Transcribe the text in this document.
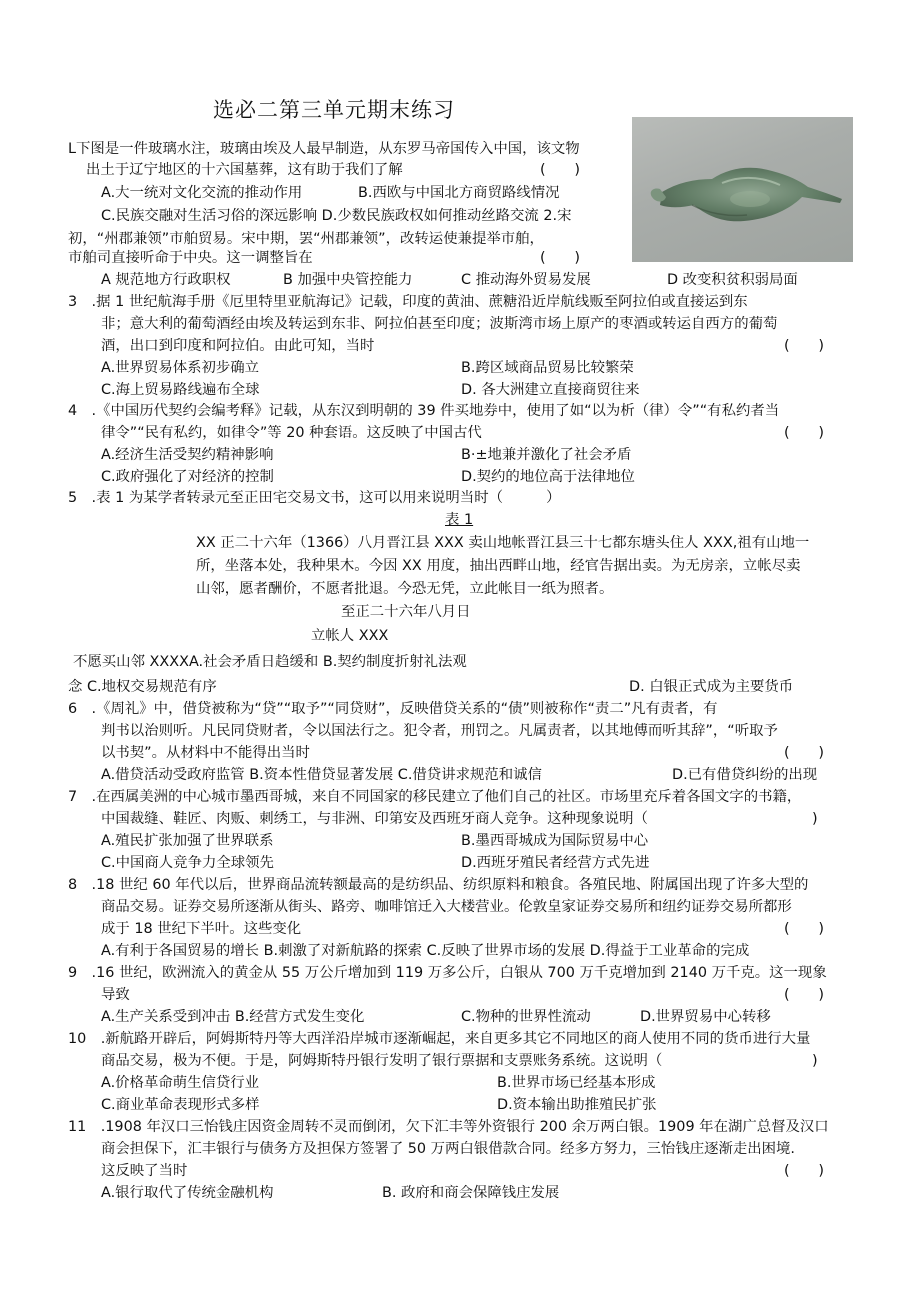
选必二第三单元期末练习
L下图是一件玻璃水注，玻璃由埃及人最早制造，从东罗马帝国传入中国，该文物
出土于辽宁地区的十六国墓葬，这有助于我们了解	(　　)
A.大一统对文化交流的推动作用	B.西欧与中国北方商贸路线情况
C.民族交融对生活习俗的深远影响 D.少数民族政权如何推动丝路交流 2.宋
初，“州郡兼领”市舶贸易。宋中期，罢“州郡兼领”，改转运使兼提举市舶，
市舶司直接听命于中央。这一调整旨在	(　　)
A 规范地方行政职权	B 加强中央管控能力	C 推动海外贸易发展	D 改变积贫积弱局面
3　.据 1 世纪航海手册《厄里特里亚航海记》记载，印度的黄油、蔗糖沿近岸航线贩至阿拉伯或直接运到东
非；意大利的葡萄酒经由埃及转运到东非、阿拉伯甚至印度；波斯湾市场上原产的枣酒或转运自西方的葡萄
酒，出口到印度和阿拉伯。由此可知，当时	(　　)
A.世界贸易体系初步确立	B.跨区域商品贸易比较繁荣
C.海上贸易路线遍布全球	D. 各大洲建立直接商贸往来
4　.《中国历代契约会编考释》记载，从东汉到明朝的 39 件买地券中，使用了如“以为析（律）令”“有私约者当
律令”“民有私约，如律令”等 20 种套语。这反映了中国古代	(　　)
A.经济生活受契约精神影响	B·±地兼并激化了社会矛盾
C.政府强化了对经济的控制	D.契约的地位高于法律地位
5　.表 1 为某学者转录元至正田宅交易文书，这可以用来说明当时（　　　）
表 1
XX 正二十六年（1366）八月晋江县 XXX 卖山地帐晋江县三十七都东塘头住人 XXX,祖有山地一
所，坐落本处，我种果木。今因 XX 用度，抽出西畔山地，经官告据出卖。为无房亲，立帐尽卖
山邻，愿者酬价，不愿者批退。今恐无凭，立此帐目一纸为照者。
至正二十六年八月日
立帐人 XXX
不愿买山邻 XXXXA.社会矛盾日趋缓和 B.契约制度折射礼法观
念 C.地权交易规范有序	D. 白银正式成为主要货币
6　.《周礼》中，借贷被称为“贷”“取予”“同贷财”，反映借贷关系的“债”则被称作“责二”凡有责者，有
判书以治则听。凡民同贷财者，令以国法行之。犯令者，刑罚之。凡属责者，以其地傅而听其辞”，“听取予
以书契”。从材料中不能得出当时	(　　)
A.借贷活动受政府监管 B.资本性借贷显著发展 C.借贷讲求规范和诚信	D.已有借贷纠纷的出现
7　.在西属美洲的中心城市墨西哥城，来自不同国家的移民建立了他们自己的社区。市场里充斥着各国文字的书籍，
中国裁缝、鞋匠、肉贩、刺绣工，与非洲、印第安及西班牙商人竞争。这种现象说明（	)
A.殖民扩张加强了世界联系	B.墨西哥城成为国际贸易中心
C.中国商人竞争力全球领先	D.西班牙殖民者经营方式先进
8　.18 世纪 60 年代以后，世界商品流转额最高的是纺织品、纺织原料和粮食。各殖民地、附属国出现了许多大型的
商品交易。证券交易所逐渐从街头、路旁、咖啡馆迁入大楼营业。伦敦皇家证券交易所和纽约证券交易所都形
成于 18 世纪下半叶。这些变化	(　　)
A.有利于各国贸易的增长 B.刺激了对新航路的探索 C.反映了世界市场的发展 D.得益于工业革命的完成
9　.16 世纪，欧洲流入的黄金从 55 万公斤增加到 119 万多公斤，白银从 700 万千克增加到 2140 万千克。这一现象
导致	(　　)
A.生产关系受到冲击 B.经营方式发生变化	C.物种的世界性流动	D.世界贸易中心转移
10　.新航路开辟后，阿姆斯特丹等大西洋沿岸城市逐渐崛起，来自更多其它不同地区的商人使用不同的货币进行大量
商品交易，极为不便。于是，阿姆斯特丹银行发明了银行票据和支票账务系统。这说明（	)
A.价格革命萌生信贷行业	B.世界市场已经基本形成
C.商业革命表现形式多样	D.资本输出助推殖民扩张
11　.1908 年汉口三怡钱庄因资金周转不灵而倒闭，欠下汇丰等外资银行 200 余万两白银。1909 年在湖广总督及汉口
商会担保下，汇丰银行与债务方及担保方签署了 50 万两白银借款合同。经多方努力，三怡钱庄逐渐走出困境.
这反映了当时	(　　)
A.银行取代了传统金融机构	B. 政府和商会保障钱庄发展
